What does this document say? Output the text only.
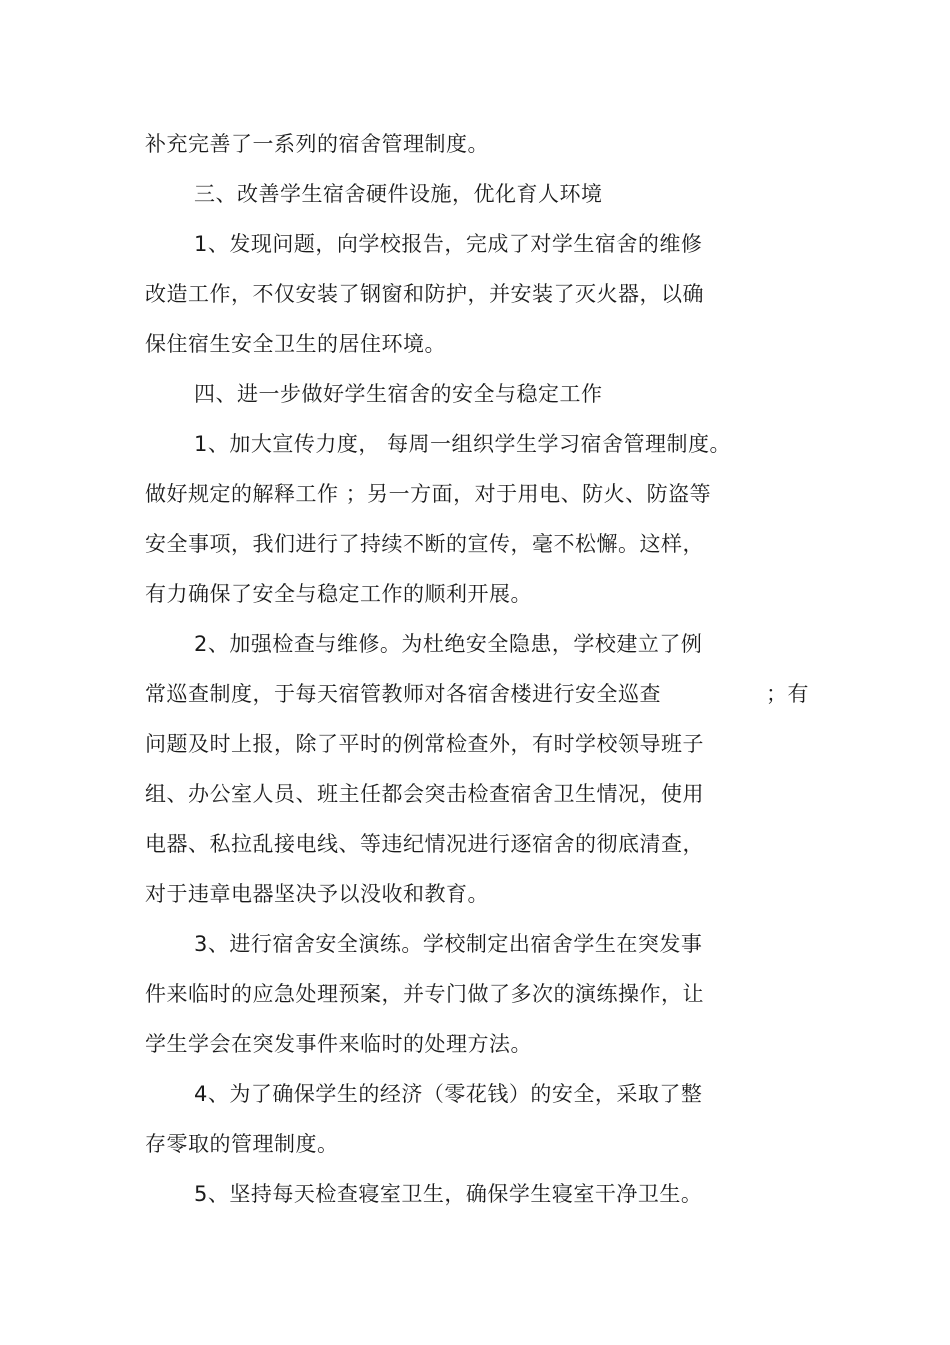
补充完善了一系列的宿舍管理制度。
三、改善学生宿舍硬件设施，优化育人环境
1、发现问题，向学校报告，完成了对学生宿舍的维修
改造工作，不仅安装了钢窗和防护，并安装了灭火器，以确
保住宿生安全卫生的居住环境。
四、进一步做好学生宿舍的安全与稳定工作
1、加大宣传力度， 每周一组织学生学习宿舍管理制度。
做好规定的解释工作 ；另一方面，对于用电、防火、防盗等
安全事项，我们进行了持续不断的宣传，毫不松懈。这样，
有力确保了安全与稳定工作的顺利开展。
2、加强检查与维修。为杜绝安全隐患，学校建立了例
常巡查制度，于每天宿管教师对各宿舍楼进行安全巡查	；有
问题及时上报，除了平时的例常检查外，有时学校领导班子
组、办公室人员、班主任都会突击检查宿舍卫生情况，使用
电器、私拉乱接电线、等违纪情况进行逐宿舍的彻底清查，
对于违章电器坚决予以没收和教育。
3、进行宿舍安全演练。学校制定出宿舍学生在突发事
件来临时的应急处理预案，并专门做了多次的演练操作，让
学生学会在突发事件来临时的处理方法。
4、为了确保学生的经济（零花钱）的安全，采取了整
存零取的管理制度。
5、坚持每天检查寝室卫生，确保学生寝室干净卫生。
